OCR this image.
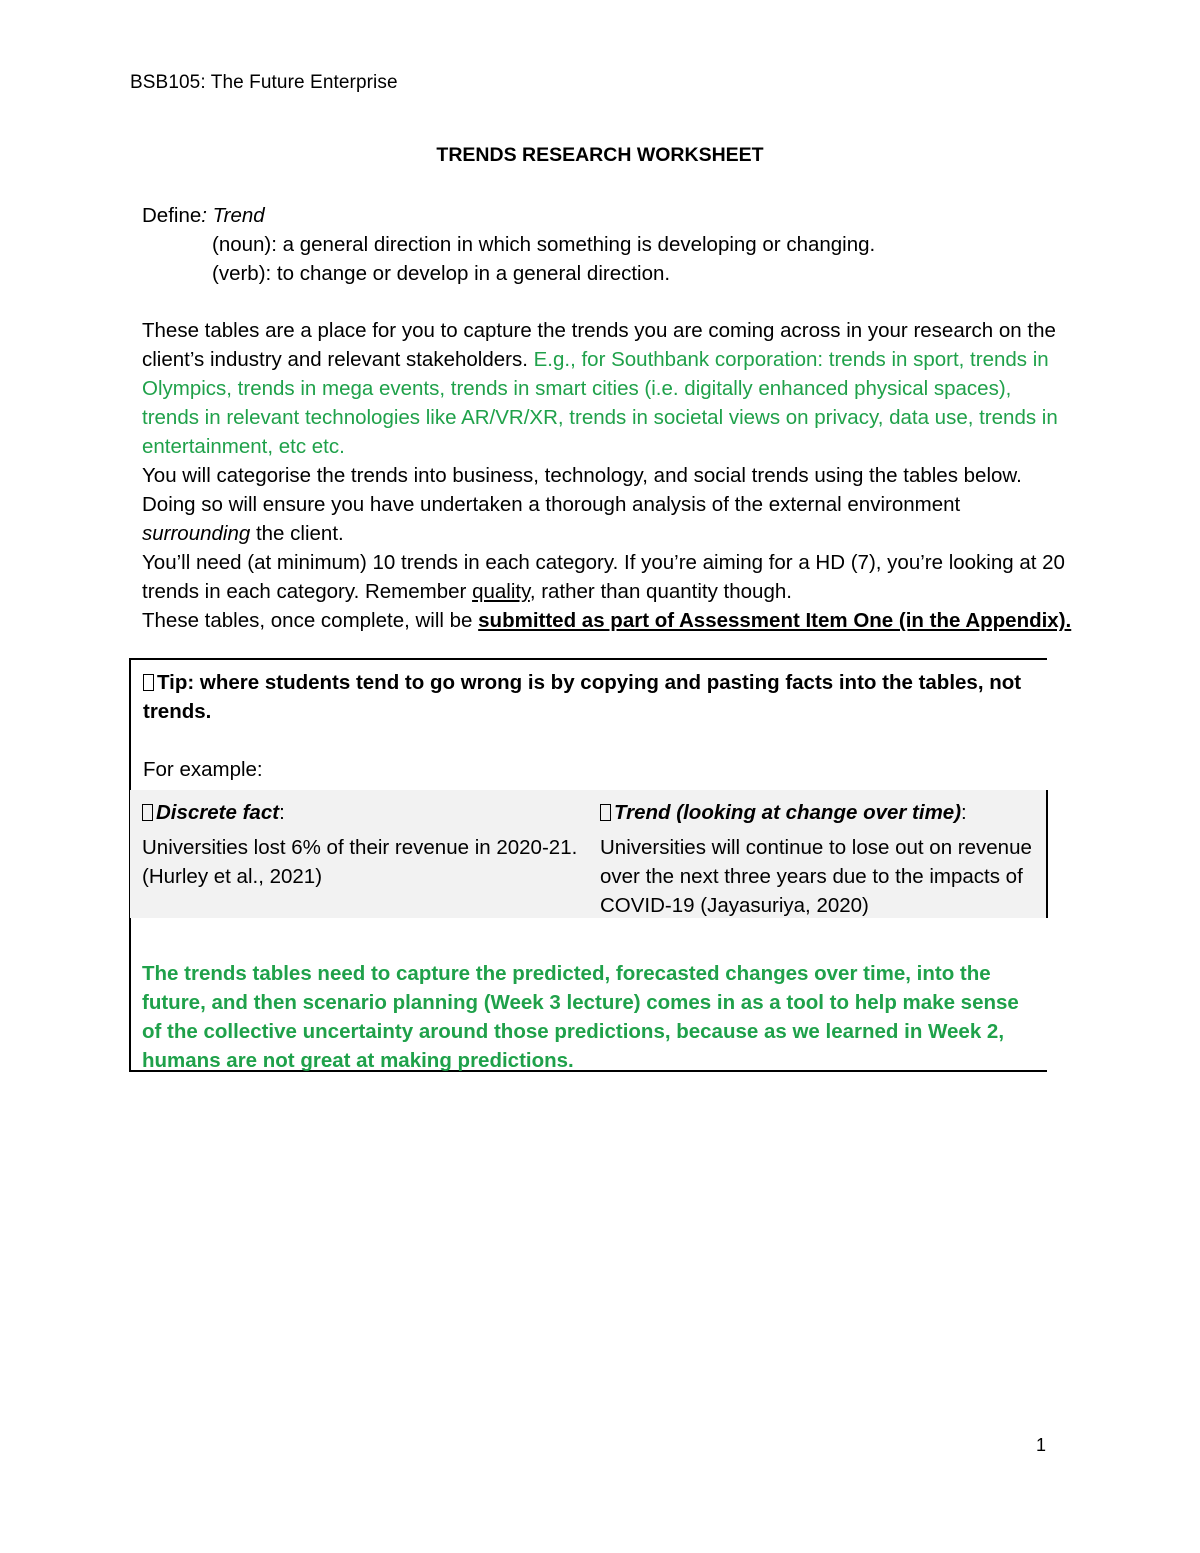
BSB105: The Future Enterprise
TRENDS RESEARCH WORKSHEET
Define: Trend
(noun): a general direction in which something is developing or changing.
(verb): to change or develop in a general direction.

These tables are a place for you to capture the trends you are coming across in your research on the client’s industry and relevant stakeholders. E.g., for Southbank corporation: trends in sport, trends in Olympics, trends in mega events, trends in smart cities (i.e. digitally enhanced physical spaces), trends in relevant technologies like AR/VR/XR, trends in societal views on privacy, data use, trends in entertainment, etc etc.

You will categorise the trends into business, technology, and social trends using the tables below. Doing so will ensure you have undertaken a thorough analysis of the external environment surrounding the client.

You’ll need (at minimum) 10 trends in each category. If you’re aiming for a HD (7), you’re looking at 20 trends in each category. Remember quality, rather than quantity though.

These tables, once complete, will be submitted as part of Assessment Item One (in the Appendix).

Tip: where students tend to go wrong is by copying and pasting facts into the tables, not trends.
For example:
Discrete fact:
Universities lost 6% of their revenue in 2020-21. (Hurley et al., 2021)
Trend (looking at change over time):
Universities will continue to lose out on revenue over the next three years due to the impacts of COVID-19 (Jayasuriya, 2020)
The trends tables need to capture the predicted, forecasted changes over time, into the future, and then scenario planning (Week 3 lecture) comes in as a tool to help make sense of the collective uncertainty around those predictions, because as we learned in Week 2, humans are not great at making predictions.
1
